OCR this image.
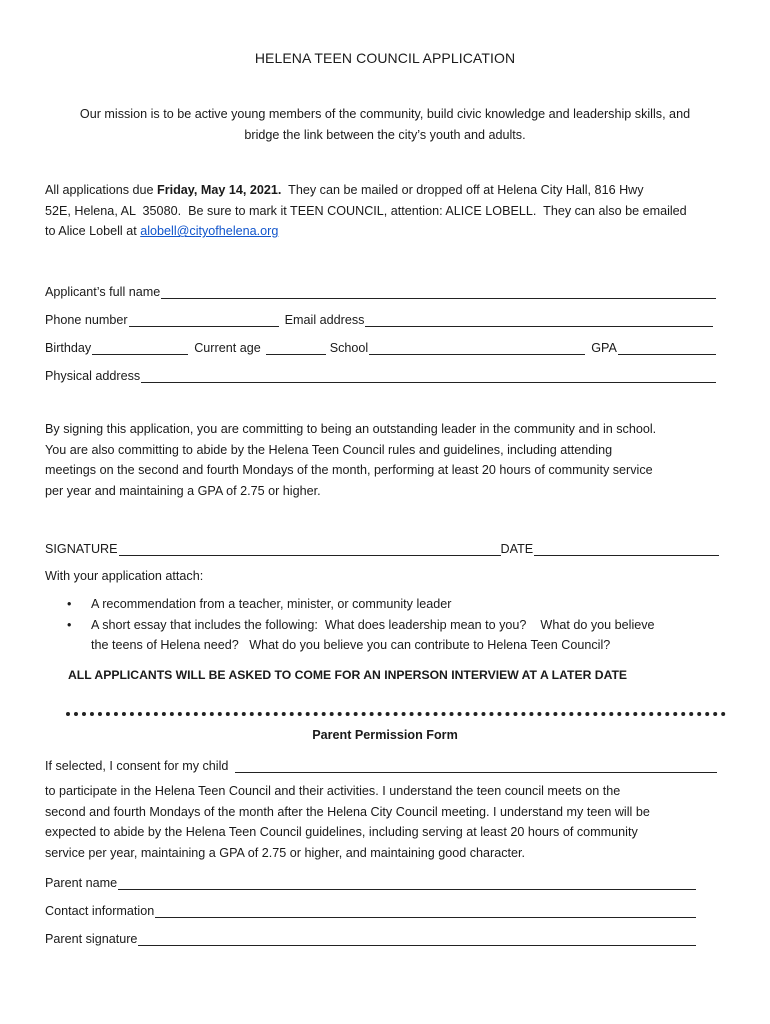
HELENA TEEN COUNCIL APPLICATION
Our mission is to be active young members of the community, build civic knowledge and leadership skills, and
bridge the link between the city’s youth and adults.
All applications due Friday, May 14, 2021.  They can be mailed or dropped off at Helena City Hall, 816 Hwy
52E, Helena, AL  35080.  Be sure to mark it TEEN COUNCIL, attention: ALICE LOBELL.  They can also be emailed
to Alice Lobell at alobell@cityofhelena.org
Applicant’s full name
Phone number	Email address
Birthday	Current age	School	GPA
Physical address
By signing this application, you are committing to being an outstanding leader in the community and in school.
You are also committing to abide by the Helena Teen Council rules and guidelines, including attending
meetings on the second and fourth Mondays of the month, performing at least 20 hours of community service
per year and maintaining a GPA of 2.75 or higher.
SIGNATURE	DATE
With your application attach:
• A recommendation from a teacher, minister, or community leader
• A short essay that includes the following:  What does leadership mean to you?    What do you believe
the teens of Helena need?   What do you believe you can contribute to Helena Teen Council?
ALL APPLICANTS WILL BE ASKED TO COME FOR AN INPERSON INTERVIEW AT A LATER DATE
Parent Permission Form
If selected, I consent for my child
to participate in the Helena Teen Council and their activities. I understand the teen council meets on the
second and fourth Mondays of the month after the Helena City Council meeting. I understand my teen will be
expected to abide by the Helena Teen Council guidelines, including serving at least 20 hours of community
service per year, maintaining a GPA of 2.75 or higher, and maintaining good character.
Parent name
Contact information
Parent signature
